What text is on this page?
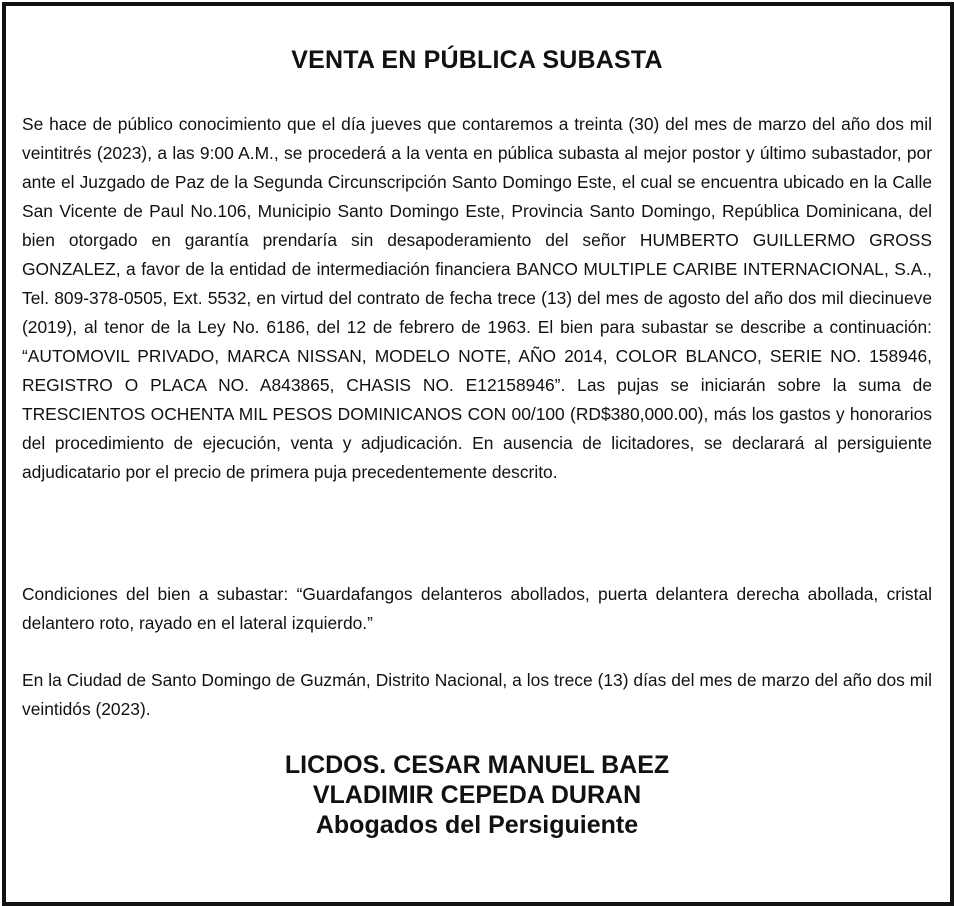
VENTA EN PÚBLICA SUBASTA

Se hace de público conocimiento que el día jueves que contaremos a treinta (30) del mes de marzo del año dos mil veintitrés (2023), a las 9:00 A.M., se procederá a la venta en pública subasta al mejor postor y último subastador, por ante el Juzgado de Paz de la Segunda Circunscripción Santo Domingo Este, el cual se encuentra ubicado en la Calle San Vicente de Paul No.106, Municipio Santo Domingo Este, Provincia Santo Domingo, República Dominicana, del bien otorgado en garantía prendaría sin desapoderamiento del señor HUMBERTO GUILLERMO GROSS GONZALEZ, a favor de la entidad de intermediación financiera BANCO MULTIPLE CARIBE INTERNACIONAL, S.A., Tel. 809-378-0505, Ext. 5532, en virtud del contrato de fecha trece (13) del mes de agosto del año dos mil diecinueve (2019), al tenor de la Ley No. 6186, del 12 de febrero de 1963. El bien para subastar se describe a continuación: “AUTOMOVIL PRIVADO, MARCA NISSAN, MODELO NOTE, AÑO 2014, COLOR BLANCO, SERIE NO. 158946, REGISTRO O PLACA NO. A843865, CHASIS NO. E12158946”. Las pujas se iniciarán sobre la suma de TRESCIENTOS OCHENTA MIL PESOS DOMINICANOS CON 00/100 (RD$380,000.00), más los gastos y honorarios del procedimiento de ejecución, venta y adjudicación. En ausencia de licitadores, se declarará al persiguiente adjudicatario por el precio de primera puja precedentemente descrito.

Condiciones del bien a subastar: “Guardafangos delanteros abollados, puerta delantera derecha abollada, cristal delantero roto, rayado en el lateral izquierdo.”

En la Ciudad de Santo Domingo de Guzmán, Distrito Nacional, a los trece (13) días del mes de marzo del año dos mil veintidós (2023).

LICDOS. CESAR MANUEL BAEZ
VLADIMIR CEPEDA DURAN
Abogados del Persiguiente
